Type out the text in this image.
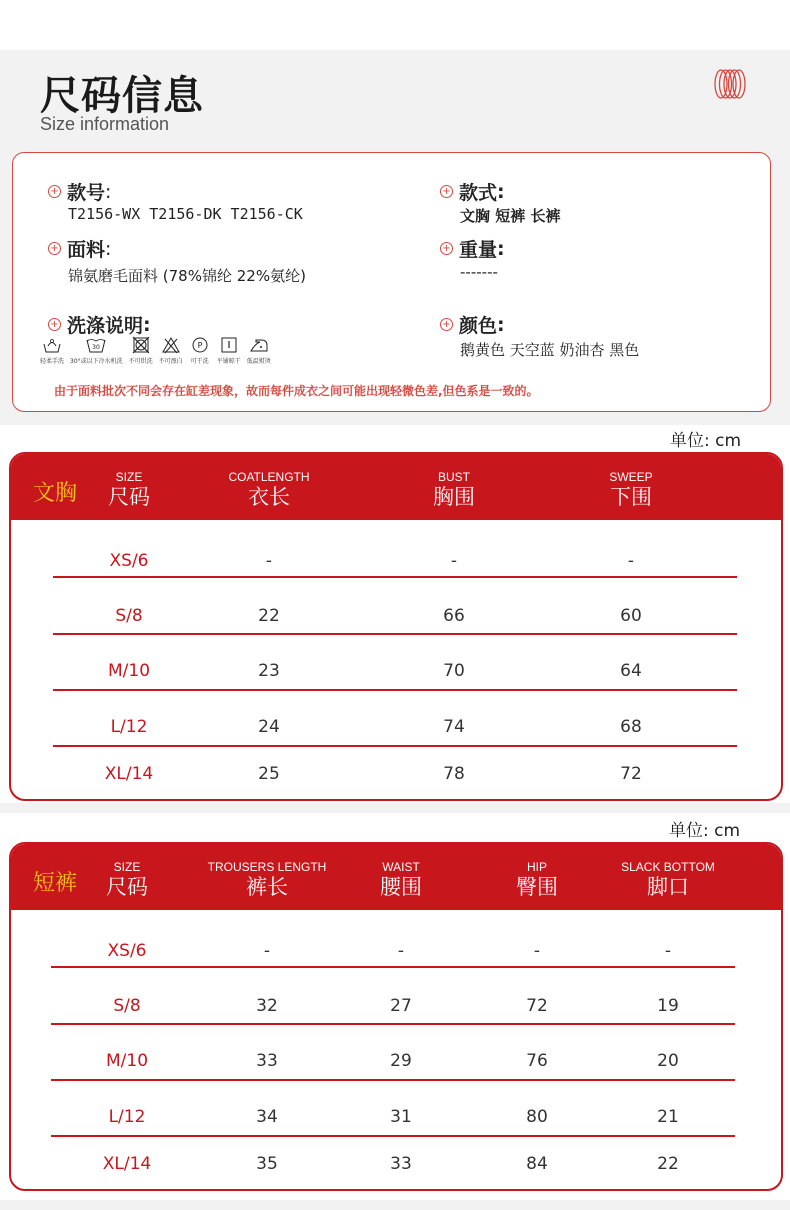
尺码信息
Size information
+ 款号 :
T2156-WX T2156-DK T2156-CK
+ 款式 :
文胸 短裤 长裤
+ 面料 :
锦氨磨毛面料 (78%锦纶 22%氨纶)
+ 重量 :
-------
+ 洗涤说明 :	+ 颜色 :
鹅黄色 天空蓝 奶油杏 黑色
轻柔手洗
30
30°或以下冷水机洗 不可烘洗 不可漂白
P
可干洗 平铺晾干 低温熨烫
由于面料批次不同会存在缸差现象，故而每件成衣之间可能出现轻微色差,但色系是一致的。
单位: cm
文胸
SIZE
尺码
COATLENGTH
衣长
BUST
胸围
SWEEP
下围
XS/6	-	-	-
S/8	22	66	60
M/10	23	70	64
L/12	24	74	68
XL/14	25	78	72
单位: cm
短裤
SIZE
尺码
TROUSERS LENGTH
裤长
WAIST
腰围
HIP
臀围
SLACK BOTTOM
脚口
XS/6	-	-	-	-
S/8	32	27	72	19
M/10	33	29	76	20
L/12	34	31	80	21
XL/14	35	33	84	22
